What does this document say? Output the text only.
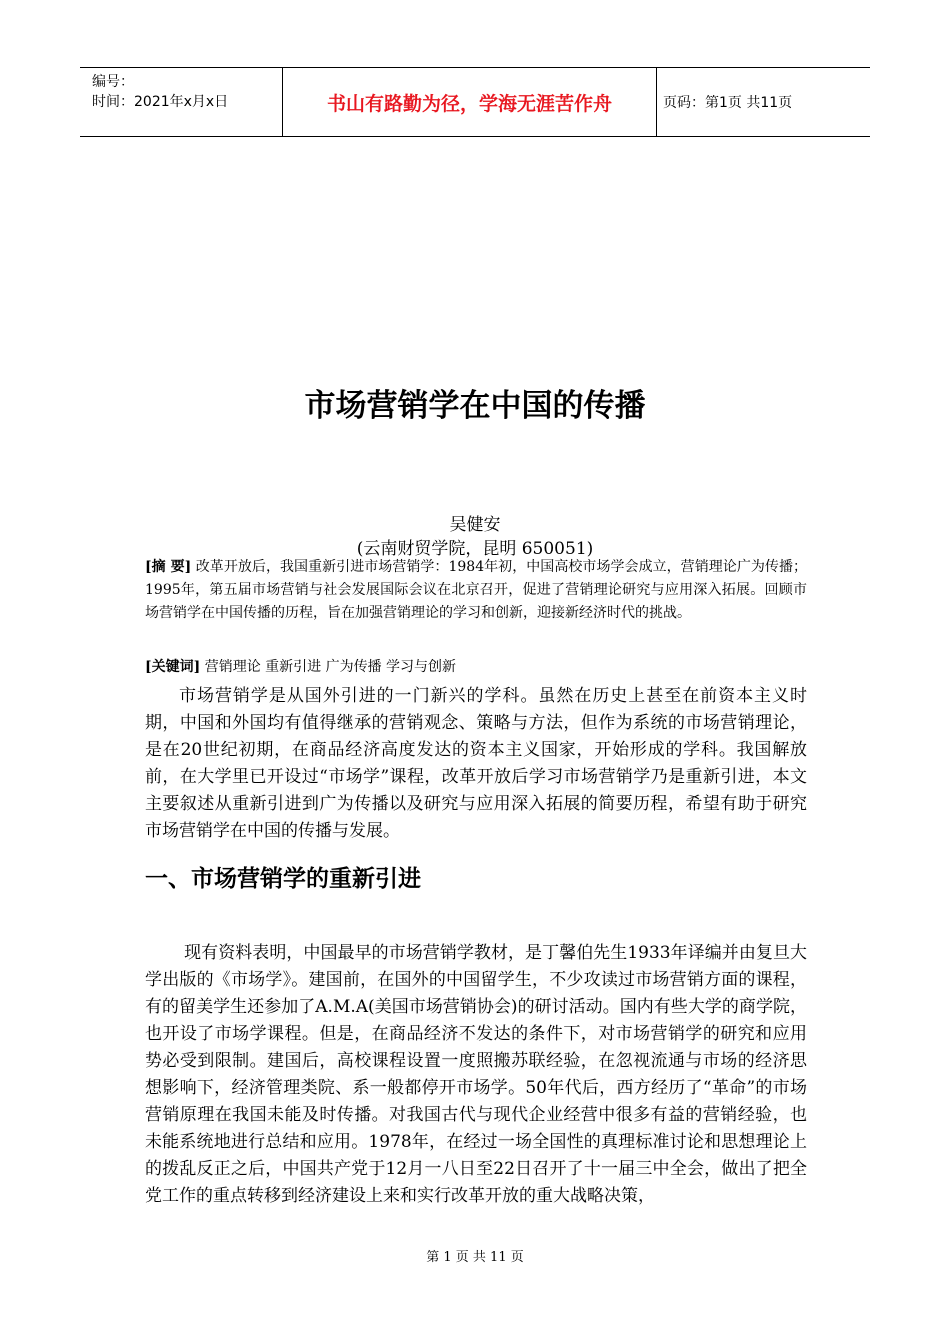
编号：
时间：2021年x月x日	书山有路勤为径，学海无涯苦作舟	页码：第1页 共11页
市场营销学在中国的传播
吴健安
(云南财贸学院，昆明 650051)
[摘 要] 改革开放后，我国重新引进市场营销学：1984年初，中国高校市场学会成立，营销理论广为传播；1995年，第五届市场营销与社会发展国际会议在北京召开，促进了营销理论研究与应用深入拓展。回顾市场营销学在中国传播的历程，旨在加强营销理论的学习和创新，迎接新经济时代的挑战。
[关键词] 营销理论 重新引进 广为传播 学习与创新
市场营销学是从国外引进的一门新兴的学科。虽然在历史上甚至在前资本主义时期，中国和外国均有值得继承的营销观念、策略与方法，但作为系统的市场营销理论，是在20世纪初期，在商品经济高度发达的资本主义国家，开始形成的学科。我国解放前，在大学里已开设过“市场学”课程，改革开放后学习市场营销学乃是重新引进，本文主要叙述从重新引进到广为传播以及研究与应用深入拓展的简要历程，希望有助于研究市场营销学在中国的传播与发展。
一、市场营销学的重新引进
现有资料表明，中国最早的市场营销学教材，是丁馨伯先生1933年译编并由复旦大学出版的《市场学》。建国前，在国外的中国留学生，不少攻读过市场营销方面的课程，有的留美学生还参加了A.M.A(美国市场营销协会)的研讨活动。国内有些大学的商学院，也开设了市场学课程。但是，在商品经济不发达的条件下，对市场营销学的研究和应用势必受到限制。建国后，高校课程设置一度照搬苏联经验，在忽视流通与市场的经济思想影响下，经济管理类院、系一般都停开市场学。50年代后，西方经历了“革命”的市场营销原理在我国未能及时传播。对我国古代与现代企业经营中很多有益的营销经验，也未能系统地进行总结和应用。1978年，在经过一场全国性的真理标准讨论和思想理论上的拨乱反正之后，中国共产党于12月一八日至22日召开了十一届三中全会，做出了把全党工作的重点转移到经济建设上来和实行改革开放的重大战略决策，
第 1 页 共 11 页
